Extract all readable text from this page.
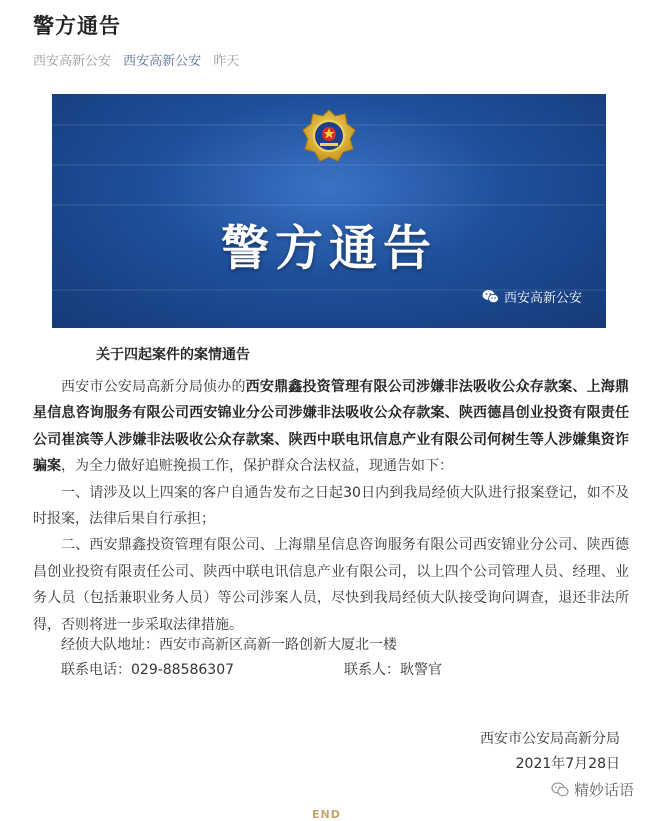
警方通告
西安高新公安 西安高新公安 昨天
警方通告
西安高新公安
关于四起案件的案情通告

西安市公安局高新分局侦办的西安鼎鑫投资管理有限公司涉嫌非法吸收公众存款案、上海鼎星信息咨询服务有限公司西安锦业分公司涉嫌非法吸收公众存款案、陕西德昌创业投资有限责任公司崔滨等人涉嫌非法吸收公众存款案、陕西中联电讯信息产业有限公司何树生等人涉嫌集资诈骗案，为全力做好追赃挽损工作，保护群众合法权益，现通告如下：

一、请涉及以上四案的客户自通告发布之日起30日内到我局经侦大队进行报案登记，如不及时报案，法律后果自行承担；

二、西安鼎鑫投资管理有限公司、上海鼎星信息咨询服务有限公司西安锦业分公司、陕西德昌创业投资有限责任公司、陕西中联电讯信息产业有限公司，以上四个公司管理人员、经理、业务人员（包括兼职业务人员）等公司涉案人员，尽快到我局经侦大队接受询问调查，退还非法所得，否则将进一步采取法律措施。

经侦大队地址：西安市高新区高新一路创新大厦北一楼
联系电话：029-88586307	联系人：耿警官
西安市公安局高新分局
2021年7月28日
精妙话语
END
